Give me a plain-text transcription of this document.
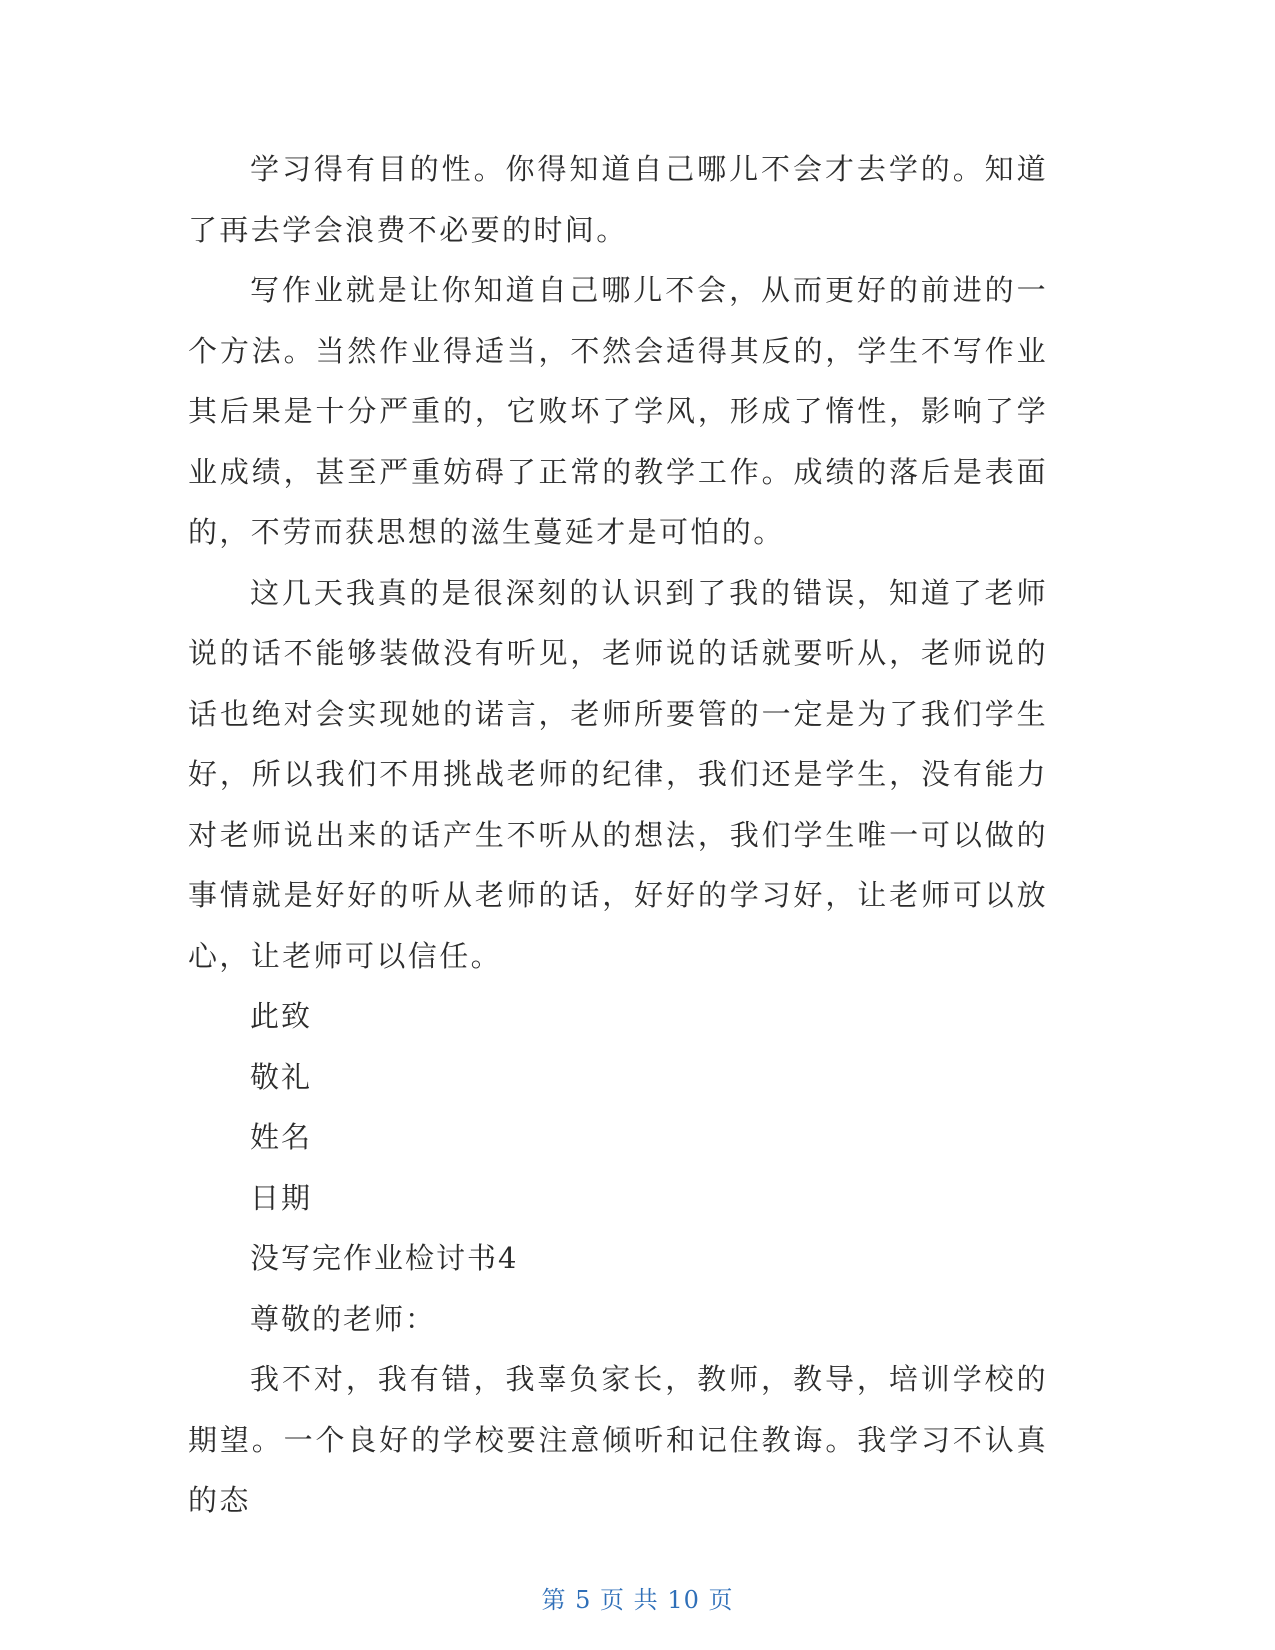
学习得有目的性。你得知道自己哪儿不会才去学的。知道了再去学会浪费不必要的时间。

写作业就是让你知道自己哪儿不会，从而更好的前进的一个方法。当然作业得适当，不然会适得其反的，学生不写作业其后果是十分严重的，它败坏了学风，形成了惰性，影响了学业成绩，甚至严重妨碍了正常的教学工作。成绩的落后是表面的，不劳而获思想的滋生蔓延才是可怕的。

这几天我真的是很深刻的认识到了我的错误，知道了老师说的话不能够装做没有听见，老师说的话就要听从，老师说的话也绝对会实现她的诺言，老师所要管的一定是为了我们学生好，所以我们不用挑战老师的纪律，我们还是学生，没有能力对老师说出来的话产生不听从的想法，我们学生唯一可以做的事情就是好好的听从老师的话，好好的学习好，让老师可以放心，让老师可以信任。

此致

敬礼

姓名

日期

没写完作业检讨书4

尊敬的老师：

我不对，我有错，我辜负家长，教师，教导，培训学校的期望。一个良好的学校要注意倾听和记住教诲。我学习不认真的态

第 5 页 共 10 页
